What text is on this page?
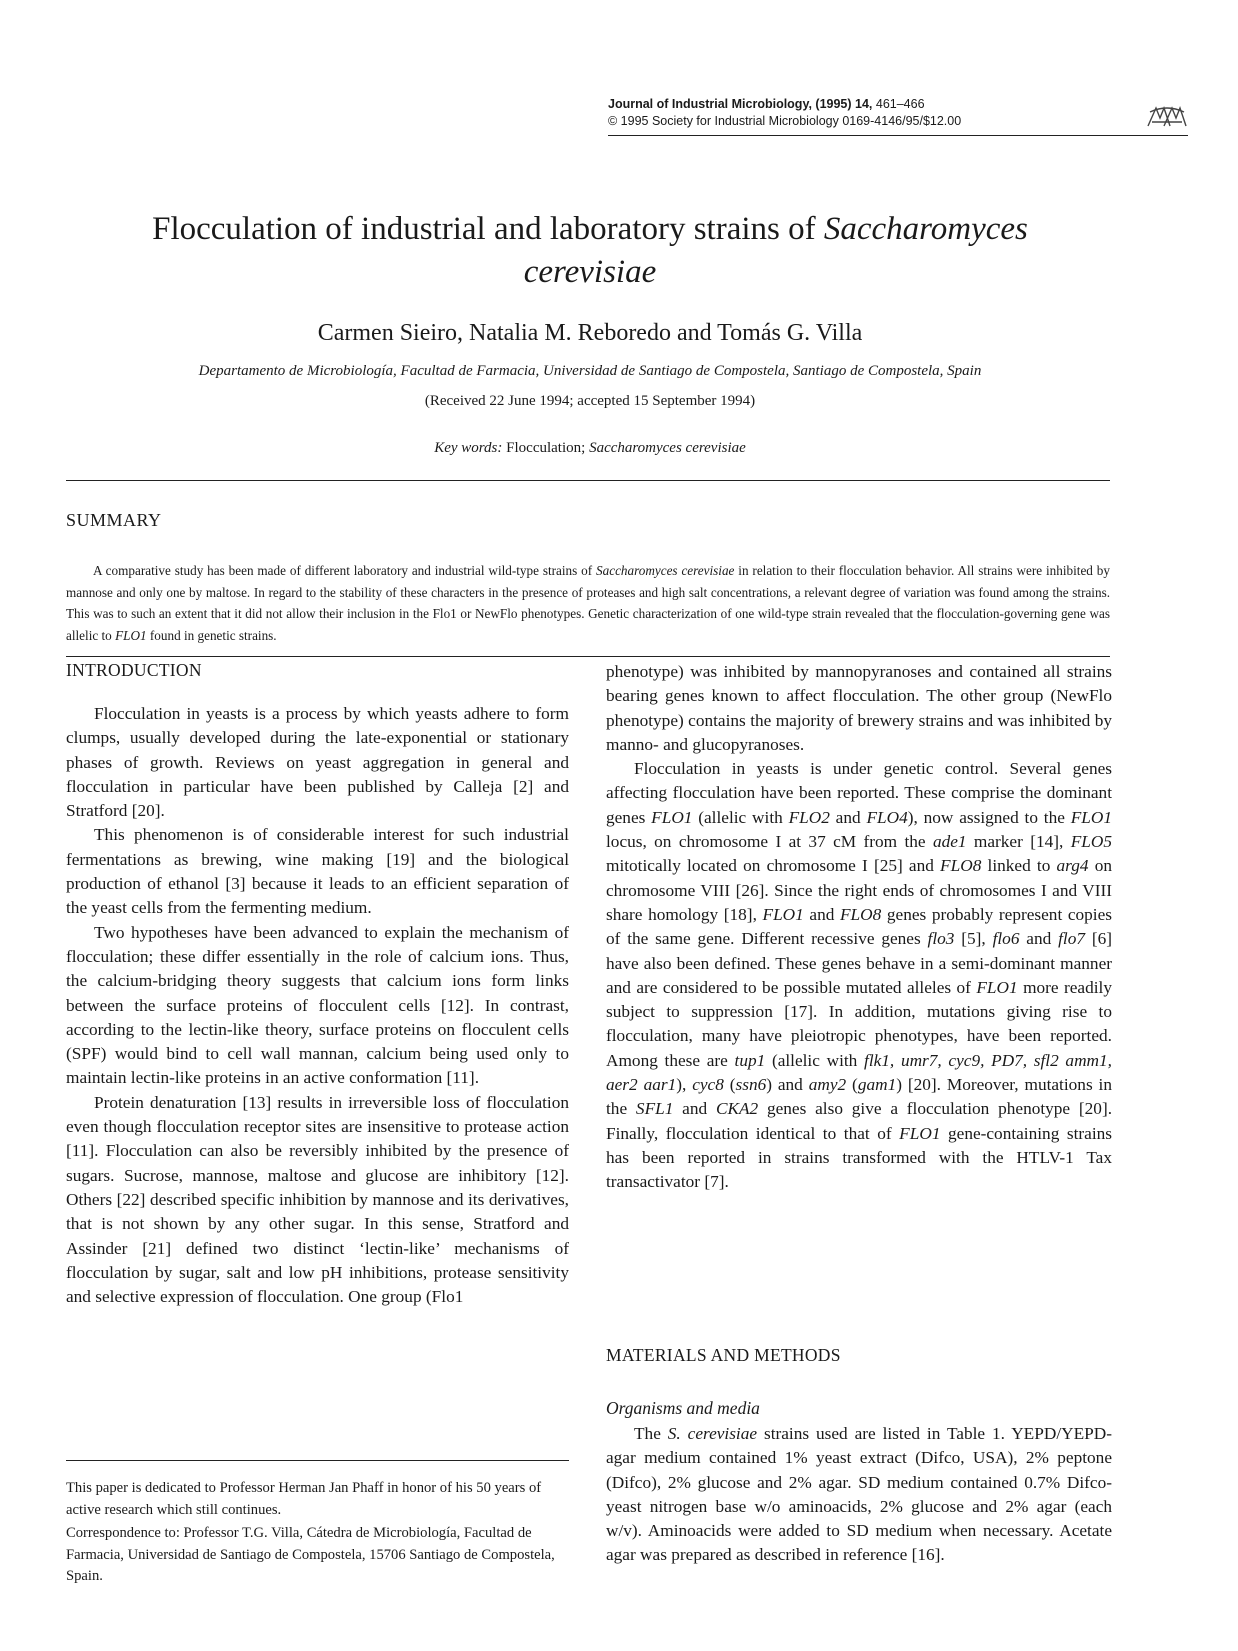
Journal of Industrial Microbiology, (1995) 14, 461–466
© 1995 Society for Industrial Microbiology 0169-4146/95/$12.00
Flocculation of industrial and laboratory strains of Saccharomyces
cerevisiae
Carmen Sieiro, Natalia M. Reboredo and Tomás G. Villa
Departamento de Microbiología, Facultad de Farmacia, Universidad de Santiago de Compostela, Santiago de Compostela, Spain
(Received 22 June 1994; accepted 15 September 1994)
Key words: Flocculation; Saccharomyces cerevisiae
SUMMARY
A comparative study has been made of different laboratory and industrial wild-type strains of Saccharomyces cerevisiae in relation to their flocculation behavior. All strains were inhibited by mannose and only one by maltose. In regard to the stability of these characters in the presence of proteases and high salt concentrations, a relevant degree of variation was found among the strains. This was to such an extent that it did not allow their inclusion in the Flo1 or NewFlo phenotypes. Genetic characterization of one wild-type strain revealed that the flocculation-governing gene was allelic to FLO1 found in genetic strains.
INTRODUCTION

Flocculation in yeasts is a process by which yeasts adhere to form clumps, usually developed during the late-exponential or stationary phases of growth. Reviews on yeast aggregation in general and flocculation in particular have been published by Calleja [2] and Stratford [20].

This phenomenon is of considerable interest for such industrial fermentations as brewing, wine making [19] and the biological production of ethanol [3] because it leads to an efficient separation of the yeast cells from the fermenting medium.

Two hypotheses have been advanced to explain the mechanism of flocculation; these differ essentially in the role of calcium ions. Thus, the calcium-bridging theory suggests that calcium ions form links between the surface proteins of flocculent cells [12]. In contrast, according to the lectin-like theory, surface proteins on flocculent cells (SPF) would bind to cell wall mannan, calcium being used only to maintain lectin-like proteins in an active conformation [11].

Protein denaturation [13] results in irreversible loss of flocculation even though flocculation receptor sites are insensitive to protease action [11]. Flocculation can also be reversibly inhibited by the presence of sugars. Sucrose, mannose, maltose and glucose are inhibitory [12]. Others [22] described specific inhibition by mannose and its derivatives, that is not shown by any other sugar. In this sense, Stratford and Assinder [21] defined two distinct ‘lectin-like’ mechanisms of flocculation by sugar, salt and low pH inhibitions, protease sensitivity and selective expression of flocculation. One group (Flo1

This paper is dedicated to Professor Herman Jan Phaff in honor of his 50 years of active research which still continues.

Correspondence to: Professor T.G. Villa, Cátedra de Microbiología, Facultad de Farmacia, Universidad de Santiago de Compostela, 15706 Santiago de Compostela, Spain.

phenotype) was inhibited by mannopyranoses and contained all strains bearing genes known to affect flocculation. The other group (NewFlo phenotype) contains the majority of brewery strains and was inhibited by manno- and glucopyranoses.

Flocculation in yeasts is under genetic control. Several genes affecting flocculation have been reported. These comprise the dominant genes FLO1 (allelic with FLO2 and FLO4), now assigned to the FLO1 locus, on chromosome I at 37 cM from the ade1 marker [14], FLO5 mitotically located on chromosome I [25] and FLO8 linked to arg4 on chromosome VIII [26]. Since the right ends of chromosomes I and VIII share homology [18], FLO1 and FLO8 genes probably represent copies of the same gene. Different recessive genes flo3 [5], flo6 and flo7 [6] have also been defined. These genes behave in a semi-dominant manner and are considered to be possible mutated alleles of FLO1 more readily subject to suppression [17]. In addition, mutations giving rise to flocculation, many have pleiotropic phenotypes, have been reported. Among these are tup1 (allelic with flk1, umr7, cyc9, PD7, sfl2 amm1, aer2 aar1), cyc8 (ssn6) and amy2 (gam1) [20]. Moreover, mutations in the SFL1 and CKA2 genes also give a flocculation phenotype [20]. Finally, flocculation identical to that of FLO1 gene-containing strains has been reported in strains transformed with the HTLV-1 Tax transactivator [7].

MATERIALS AND METHODS
Organisms and media

The S. cerevisiae strains used are listed in Table 1. YEPD/YEPD-agar medium contained 1% yeast extract (Difco, USA), 2% peptone (Difco), 2% glucose and 2% agar. SD medium contained 0.7% Difco-yeast nitrogen base w/o aminoacids, 2% glucose and 2% agar (each w/v). Aminoacids were added to SD medium when necessary. Acetate agar was prepared as described in reference [16].
